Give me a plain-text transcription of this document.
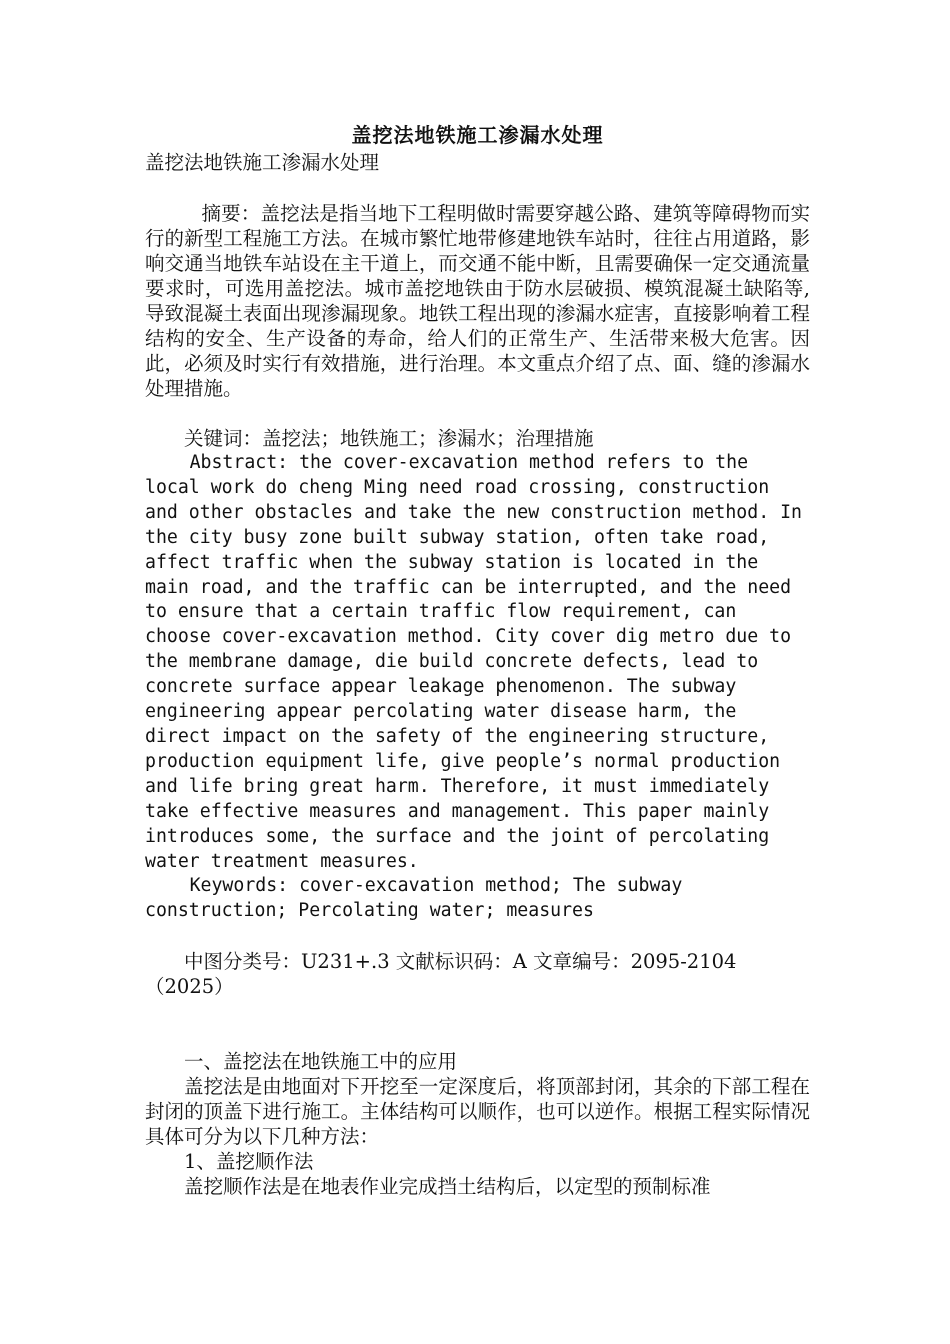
盖挖法地铁施工渗漏水处理

盖挖法地铁施工渗漏水处理

摘要：盖挖法是指当地下工程明做时需要穿越公路、建筑等障碍物而实行的新型工程施工方法。在城市繁忙地带修建地铁车站时，往往占用道路，影响交通当地铁车站设在主干道上，而交通不能中断，且需要确保一定交通流量要求时，可选用盖挖法。城市盖挖地铁由于防水层破损、模筑混凝土缺陷等,导致混凝土表面出现渗漏现象。地铁工程出现的渗漏水症害，直接影响着工程结构的安全、生产设备的寿命，给人们的正常生产、生活带来极大危害。因此，必须及时实行有效措施，进行治理。本文重点介绍了点、面、缝的渗漏水处理措施。

关键词：盖挖法；地铁施工；渗漏水；治理措施

Abstract: the cover-excavation method refers to the local work do cheng Ming need road crossing, construction and other obstacles and take the new construction method. In the city busy zone built subway station, often take road, affect traffic when the subway station is located in the main road, and the traffic can be interrupted, and the need to ensure that a certain traffic flow requirement, can choose cover-excavation method. City cover dig metro due to the membrane damage, die build concrete defects, lead to concrete surface appear leakage phenomenon. The subway engineering appear percolating water disease harm, the direct impact on the safety of the engineering structure, production equipment life, give people’s normal production and life bring great harm. Therefore, it must immediately take effective measures and management. This paper mainly introduces some, the surface and the joint of percolating water treatment measures.

Keywords: cover-excavation method; The subway construction; Percolating water; measures

中图分类号：U231+.3 文献标识码：A 文章编号：2095-2104（2025）

一、盖挖法在地铁施工中的应用

盖挖法是由地面对下开挖至一定深度后，将顶部封闭，其余的下部工程在封闭的顶盖下进行施工。主体结构可以顺作，也可以逆作。根据工程实际情况具体可分为以下几种方法：

1、盖挖顺作法

盖挖顺作法是在地表作业完成挡土结构后，以定型的预制标准
